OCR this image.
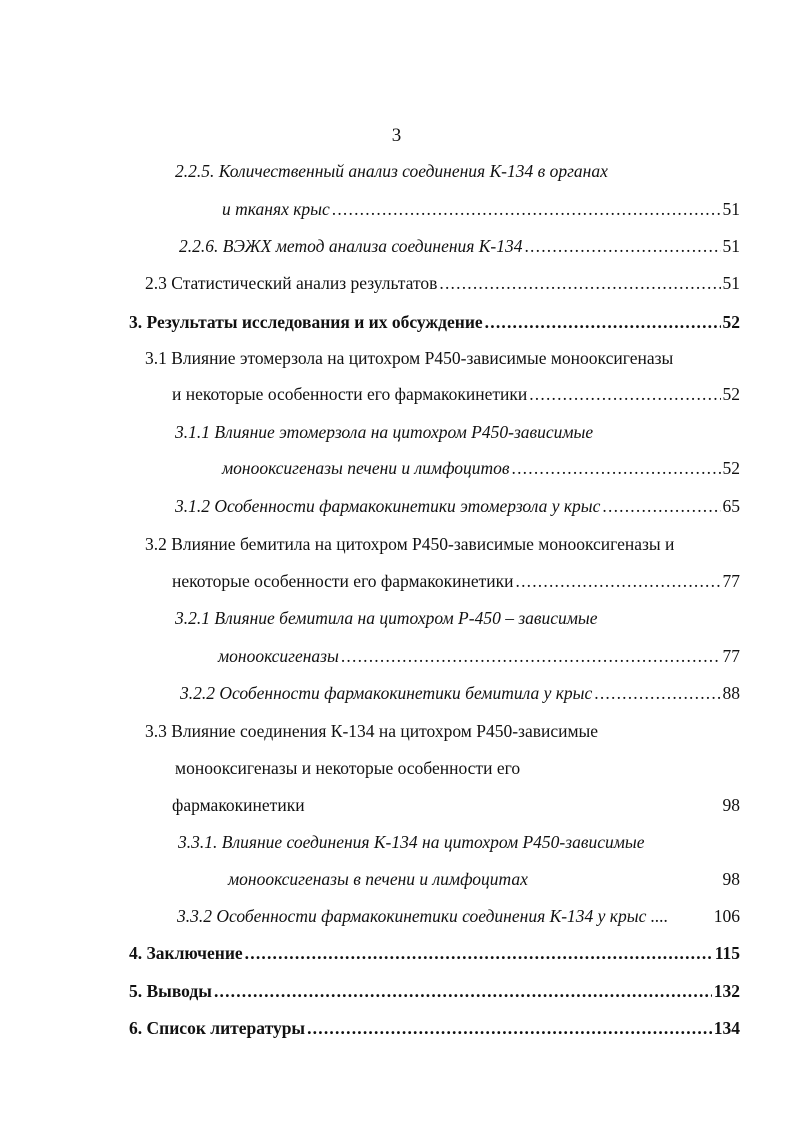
3
2.2.5. Количественный анализ соединения К-134 в органах
и тканях крыс .....	51
2.2.6. ВЭЖХ метод анализа соединения К-134 .....	51
2.3 Статистический анализ результатов .....	51
3. Результаты исследования и их обсуждение .....	52
3.1 Влияние этомерзола на цитохром Р450-зависимые монооксигеназы
и некоторые особенности его фармакокинетики .....	52
3.1.1 Влияние этомерзола на цитохром Р450-зависимые
монооксигеназы печени и лимфоцитов .....	52
3.1.2 Особенности фармакокинетики этомерзола у крыс .....	65
3.2 Влияние бемитила на цитохром Р450-зависимые монооксигеназы и
некоторые особенности его фармакокинетики .....	77
3.2.1 Влияние бемитила на цитохром Р-450 – зависимые
монооксигеназы .....	77
3.2.2 Особенности фармакокинетики бемитила у крыс .....	88
3.3 Влияние соединения К-134 на цитохром Р450-зависимые
монооксигеназы и некоторые особенности его
фармакокинетики	98
3.3.1. Влияние соединения К-134 на цитохром Р450-зависимые
монооксигеназы в печени и лимфоцитах	98
3.3.2 Особенности фармакокинетики соединения К-134 у крыс ....	106
4. Заключение .....	115
5. Выводы .....	132
6. Список литературы .....	134
